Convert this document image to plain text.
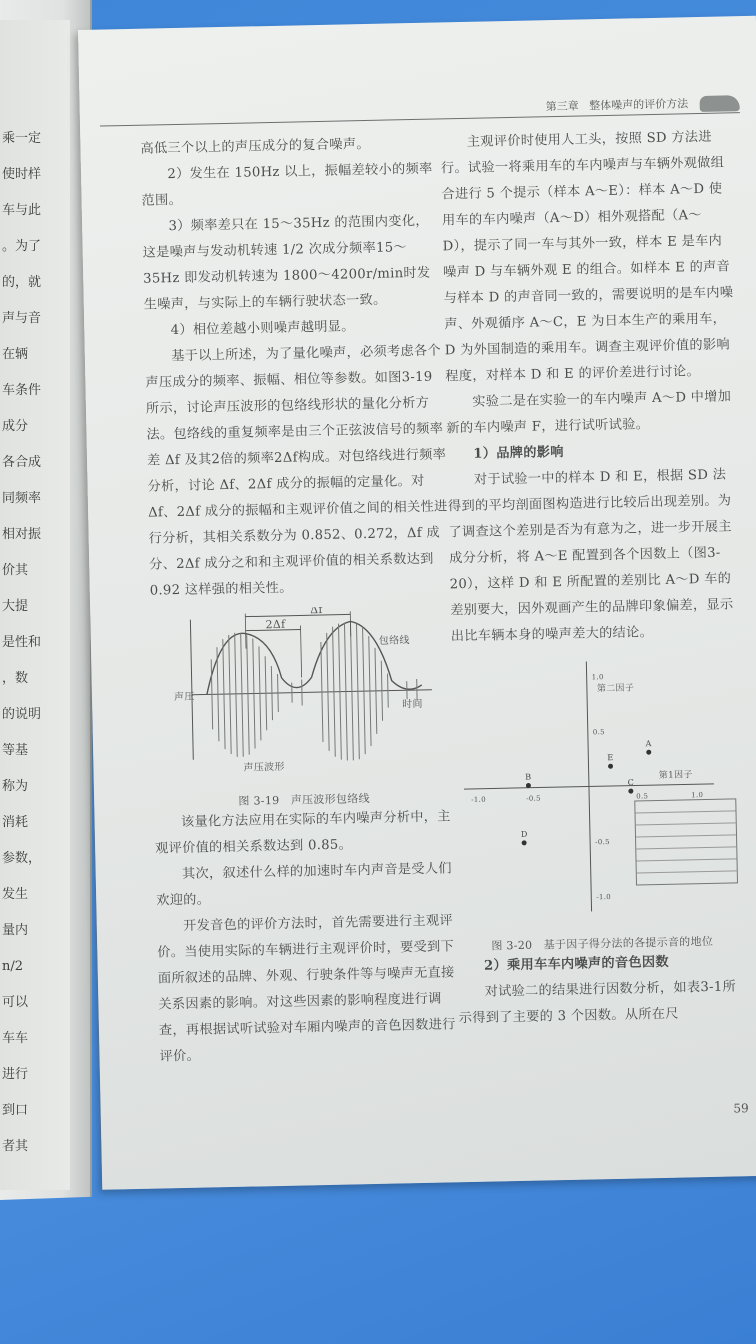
乘一定
使时样
车与此
。为了
的，就
声与音
在辆
车条件
成分
各合成
同频率
相对振
价其
大提
是性和
，数
的说明
等基
称为
消耗
参数，
发生
量内
n/2
可以
车车
进行
到口
者其
第三章 整体噪声的评价方法

高低三个以上的声压成分的复合噪声。

2）发生在 150Hz 以上，振幅差较小的频率范围。

3）频率差只在 15～35Hz 的范围内变化，这是噪声与发动机转速 1/2 次成分频率15～35Hz 即发动机转速为 1800～4200r/min时发生噪声，与实际上的车辆行驶状态一致。

4）相位差越小则噪声越明显。

基于以上所述，为了量化噪声，必须考虑各个声压成分的频率、振幅、相位等参数。如图3-19所示，讨论声压波形的包络线形状的量化分析方法。包络线的重复频率是由三个正弦波信号的频率差 Δf 及其2倍的频率2Δf构成。对包络线进行频率分析，讨论 Δf、2Δf 成分的振幅的定量化。对 Δf、2Δf 成分的振幅和主观评价值之间的相关性进行分析，其相关系数分为 0.852、0.272，Δf 成分、2Δf 成分之和和主观评价值的相关系数达到 0.92 这样强的相关性。

Δf
2Δf
包络线
时间
声压波形
声压
图 3-19　声压波形包络线

该量化方法应用在实际的车内噪声分析中，主观评价值的相关系数达到 0.85。

其次，叙述什么样的加速时车内声音是受人们欢迎的。

开发音色的评价方法时，首先需要进行主观评价。当使用实际的车辆进行主观评价时，要受到下面所叙述的品牌、外观、行驶条件等与噪声无直接关系因素的影响。对这些因素的影响程度进行调查，再根据试听试验对车厢内噪声的音色因数进行评价。

主观评价时使用人工头，按照 SD 方法进行。试验一将乘用车的车内噪声与车辆外观做组合进行 5 个提示（样本 A～E）：样本 A～D 使用车的车内噪声（A～D）相外观搭配（A～D），提示了同一车与其外一致，样本 E 是车内噪声 D 与车辆外观 E 的组合。如样本 E 的声音与样本 D 的声音同一致的，需要说明的是车内噪声、外观循序 A～C，E 为日本生产的乘用车，D 为外国制造的乘用车。调查主观评价值的影响程度，对样本 D 和 E 的评价差进行讨论。

实验二是在实验一的车内噪声 A～D 中增加新的车内噪声 F，进行试听试验。

1）品牌的影响

对于试验一中的样本 D 和 E，根据 SD 法得到的平均剖面图构造进行比较后出现差别。为了调查这个差别是否为有意为之，进一步开展主成分分析，将 A～E 配置到各个因数上（图3-20），这样 D 和 E 所配置的差别比 A～D 车的差别要大，因外观画产生的品牌印象偏差，显示出比车辆本身的噪声差大的结论。

第二因子
第1因子
B
E
A
C
D
-1.0	-0.5	0.5	1.0
1.0
0.5
-0.5
-1.0
图 3-20　基于因子得分法的各提示音的地位

2）乘用车车内噪声的音色因数

对试验二的结果进行因数分析，如表3-1所示得到了主要的 3 个因数。从所在尺

59
